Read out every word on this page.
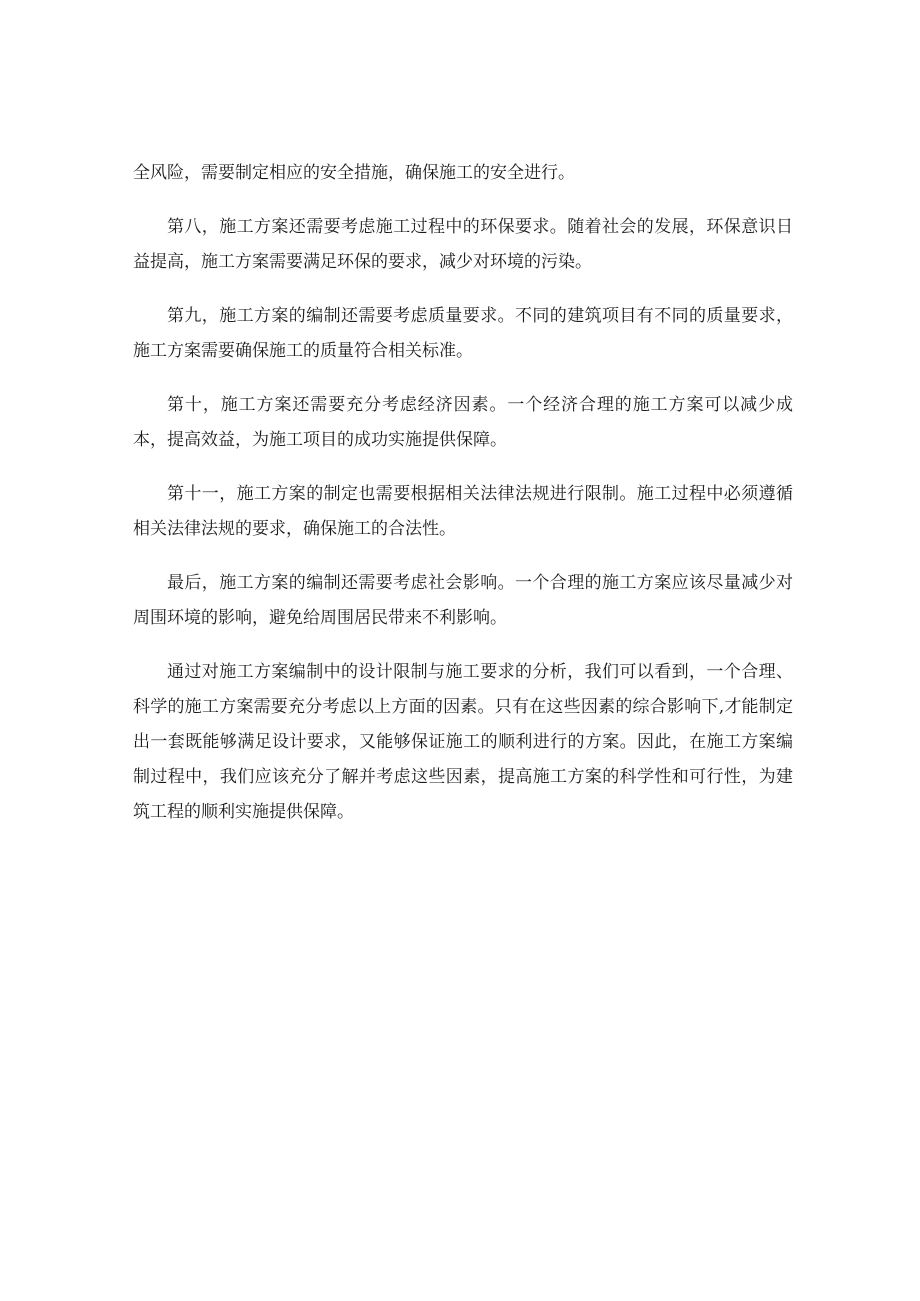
全风险，需要制定相应的安全措施，确保施工的安全进行。

第八，施工方案还需要考虑施工过程中的环保要求。随着社会的发展，环保意识日益提高，施工方案需要满足环保的要求，减少对环境的污染。

第九，施工方案的编制还需要考虑质量要求。不同的建筑项目有不同的质量要求，施工方案需要确保施工的质量符合相关标准。

第十，施工方案还需要充分考虑经济因素。一个经济合理的施工方案可以减少成本，提高效益，为施工项目的成功实施提供保障。

第十一，施工方案的制定也需要根据相关法律法规进行限制。施工过程中必须遵循相关法律法规的要求，确保施工的合法性。

最后，施工方案的编制还需要考虑社会影响。一个合理的施工方案应该尽量减少对周围环境的影响，避免给周围居民带来不利影响。

通过对施工方案编制中的设计限制与施工要求的分析，我们可以看到，一个合理、科学的施工方案需要充分考虑以上方面的因素。只有在这些因素的综合影响下,才能制定出一套既能够满足设计要求，又能够保证施工的顺利进行的方案。因此，在施工方案编制过程中，我们应该充分了解并考虑这些因素，提高施工方案的科学性和可行性，为建筑工程的顺利实施提供保障。
